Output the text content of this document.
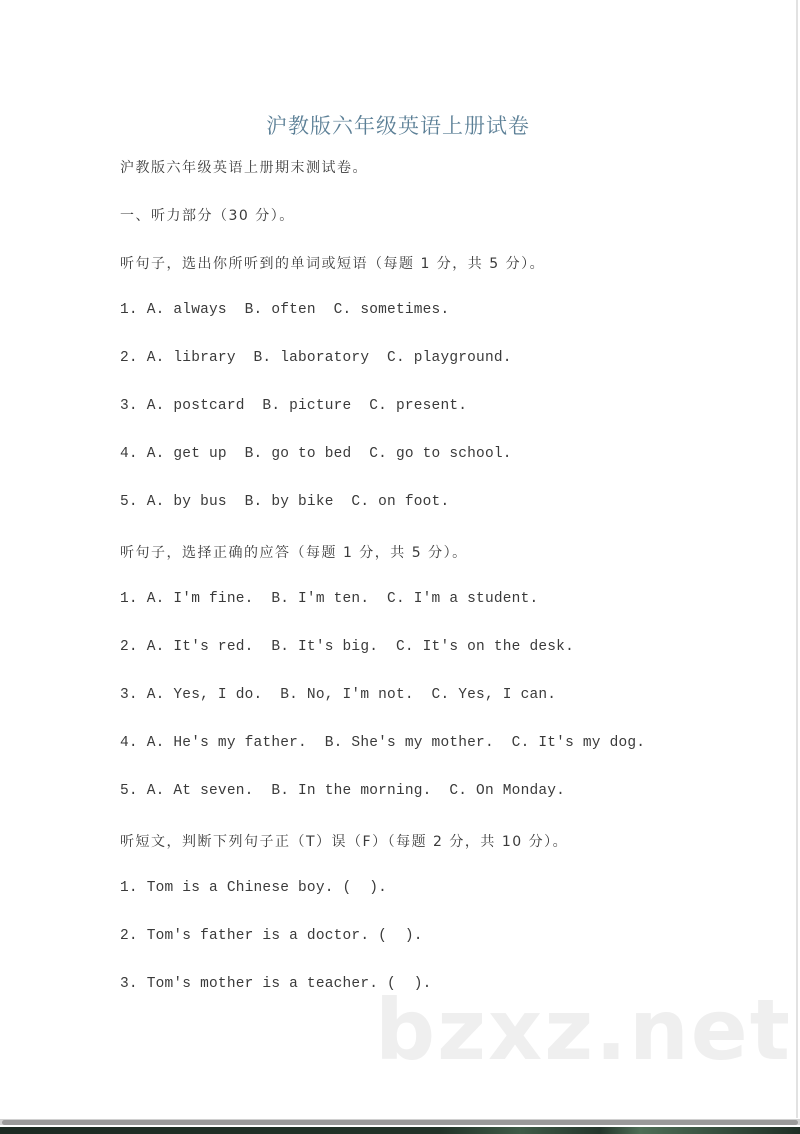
沪教版六年级英语上册试卷
沪教版六年级英语上册期末测试卷。
一、听力部分（30 分）。
听句子，选出你所听到的单词或短语（每题 1 分，共 5 分）。
1. A. always  B. often  C. sometimes.
2. A. library  B. laboratory  C. playground.
3. A. postcard  B. picture  C. present.
4. A. get up  B. go to bed  C. go to school.
5. A. by bus  B. by bike  C. on foot.
听句子，选择正确的应答（每题 1 分，共 5 分）。
1. A. I'm fine.  B. I'm ten.  C. I'm a student.
2. A. It's red.  B. It's big.  C. It's on the desk.
3. A. Yes, I do.  B. No, I'm not.  C. Yes, I can.
4. A. He's my father.  B. She's my mother.  C. It's my dog.
5. A. At seven.  B. In the morning.  C. On Monday.
听短文，判断下列句子正（T）误（F）（每题 2 分，共 10 分）。
1. Tom is a Chinese boy. (  ).
2. Tom's father is a doctor. (  ).
3. Tom's mother is a teacher. (  ).
bzxz.net
